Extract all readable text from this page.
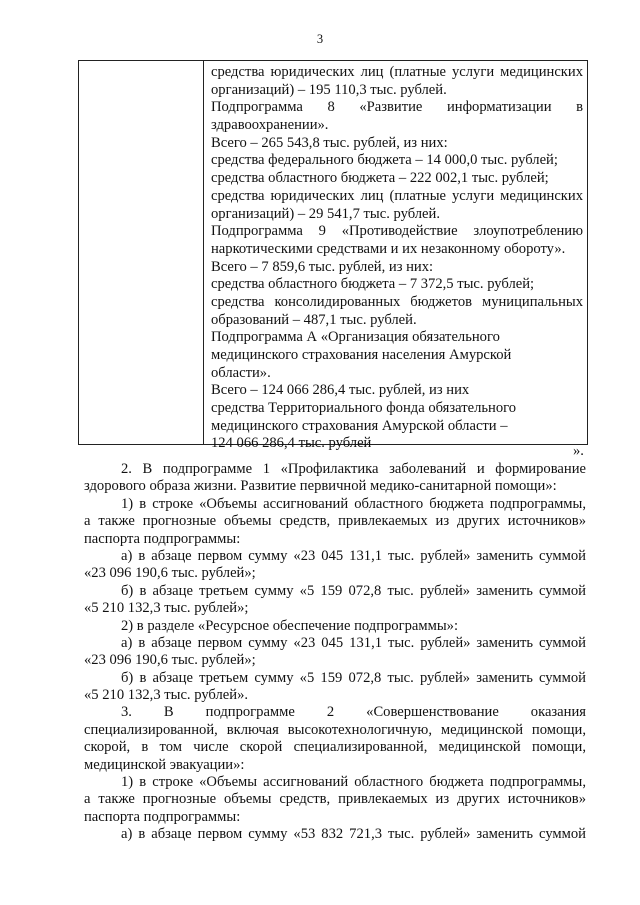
3
средства юридических лиц (платные услуги медицинских
организаций) – 195 110,3 тыс. рублей.
Подпрограмма 8 «Развитие информатизации в
здравоохранении».
Всего – 265 543,8 тыс. рублей, из них:
средства федерального бюджета – 14 000,0 тыс. рублей;
средства областного бюджета – 222 002,1 тыс. рублей;
средства юридических лиц (платные услуги медицинских
организаций) – 29 541,7 тыс. рублей.
Подпрограмма 9 «Противодействие злоупотреблению
наркотическими средствами и их незаконному обороту».
Всего – 7 859,6 тыс. рублей, из них:
средства областного бюджета – 7 372,5 тыс. рублей;
средства консолидированных бюджетов муниципальных
образований – 487,1 тыс. рублей.
Подпрограмма А «Организация обязательного
медицинского страхования населения Амурской
области».
Всего – 124 066 286,4 тыс. рублей, из них
средства Территориального фонда обязательного
медицинского страхования Амурской области –
124 066 286,4 тыс. рублей	».
2. В подпрограмме 1 «Профилактика заболеваний и формирование
здорового образа жизни. Развитие первичной медико-санитарной помощи»:
1) в строке «Объемы ассигнований областного бюджета подпрограммы,
а также прогнозные объемы средств, привлекаемых из других источников»
паспорта подпрограммы:
а) в абзаце первом сумму «23 045 131,1 тыс. рублей» заменить суммой
«23 096 190,6 тыс. рублей»;
б) в абзаце третьем сумму «5 159 072,8 тыс. рублей» заменить суммой
«5 210 132,3 тыс. рублей»;
2) в разделе «Ресурсное обеспечение подпрограммы»:
а) в абзаце первом сумму «23 045 131,1 тыс. рублей» заменить суммой
«23 096 190,6 тыс. рублей»;
б) в абзаце третьем сумму «5 159 072,8 тыс. рублей» заменить суммой
«5 210 132,3 тыс. рублей».
3. В подпрограмме 2 «Совершенствование оказания
специализированной, включая высокотехнологичную, медицинской помощи,
скорой, в том числе скорой специализированной, медицинской помощи,
медицинской эвакуации»:
1) в строке «Объемы ассигнований областного бюджета подпрограммы,
а также прогнозные объемы средств, привлекаемых из других источников»
паспорта подпрограммы:
а) в абзаце первом сумму «53 832 721,3 тыс. рублей» заменить суммой
